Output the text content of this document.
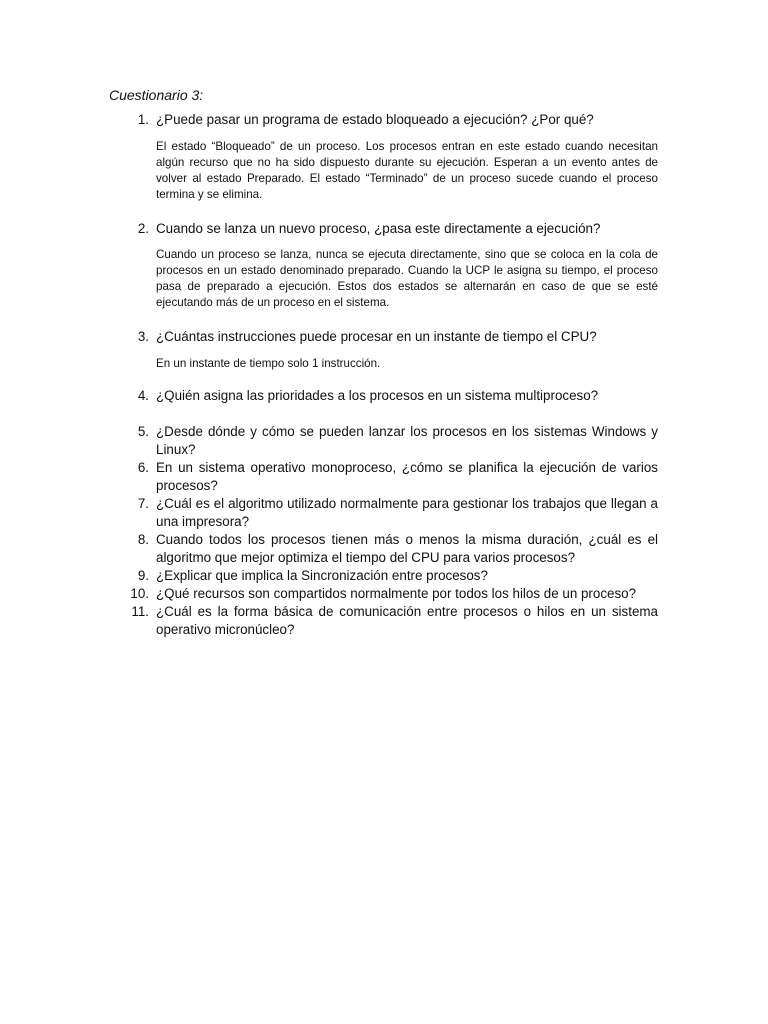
Cuestionario 3:
1. ¿Puede pasar un programa de estado bloqueado a ejecución? ¿Por qué?
El estado “Bloqueado” de un proceso. Los procesos entran en este estado cuando necesitan algún recurso que no ha sido dispuesto durante su ejecución. Esperan a un evento antes de volver al estado Preparado. El estado “Terminado” de un proceso sucede cuando el proceso termina y se elimina.
2. Cuando se lanza un nuevo proceso, ¿pasa este directamente a ejecución?
Cuando un proceso se lanza, nunca se ejecuta directamente, sino que se coloca en la cola de procesos en un estado denominado preparado. Cuando la UCP le asigna su tiempo, el proceso pasa de preparado a ejecución. Estos dos estados se alternarán en caso de que se esté ejecutando más de un proceso en el sistema.
3. ¿Cuántas instrucciones puede procesar en un instante de tiempo el CPU?
En un instante de tiempo solo 1 instrucción.
4. ¿Quién asigna las prioridades a los procesos en un sistema multiproceso?
5. ¿Desde dónde y cómo se pueden lanzar los procesos en los sistemas Windows y Linux?
6. En un sistema operativo monoproceso, ¿cómo se planifica la ejecución de varios procesos?
7. ¿Cuál es el algoritmo utilizado normalmente para gestionar los trabajos que llegan a una impresora?
8. Cuando todos los procesos tienen más o menos la misma duración, ¿cuál es el algoritmo que mejor optimiza el tiempo del CPU para varios procesos?
9. ¿Explicar que implica la Sincronización entre procesos?
10. ¿Qué recursos son compartidos normalmente por todos los hilos de un proceso?
11. ¿Cuál es la forma básica de comunicación entre procesos o hilos en un sistema operativo micronúcleo?
